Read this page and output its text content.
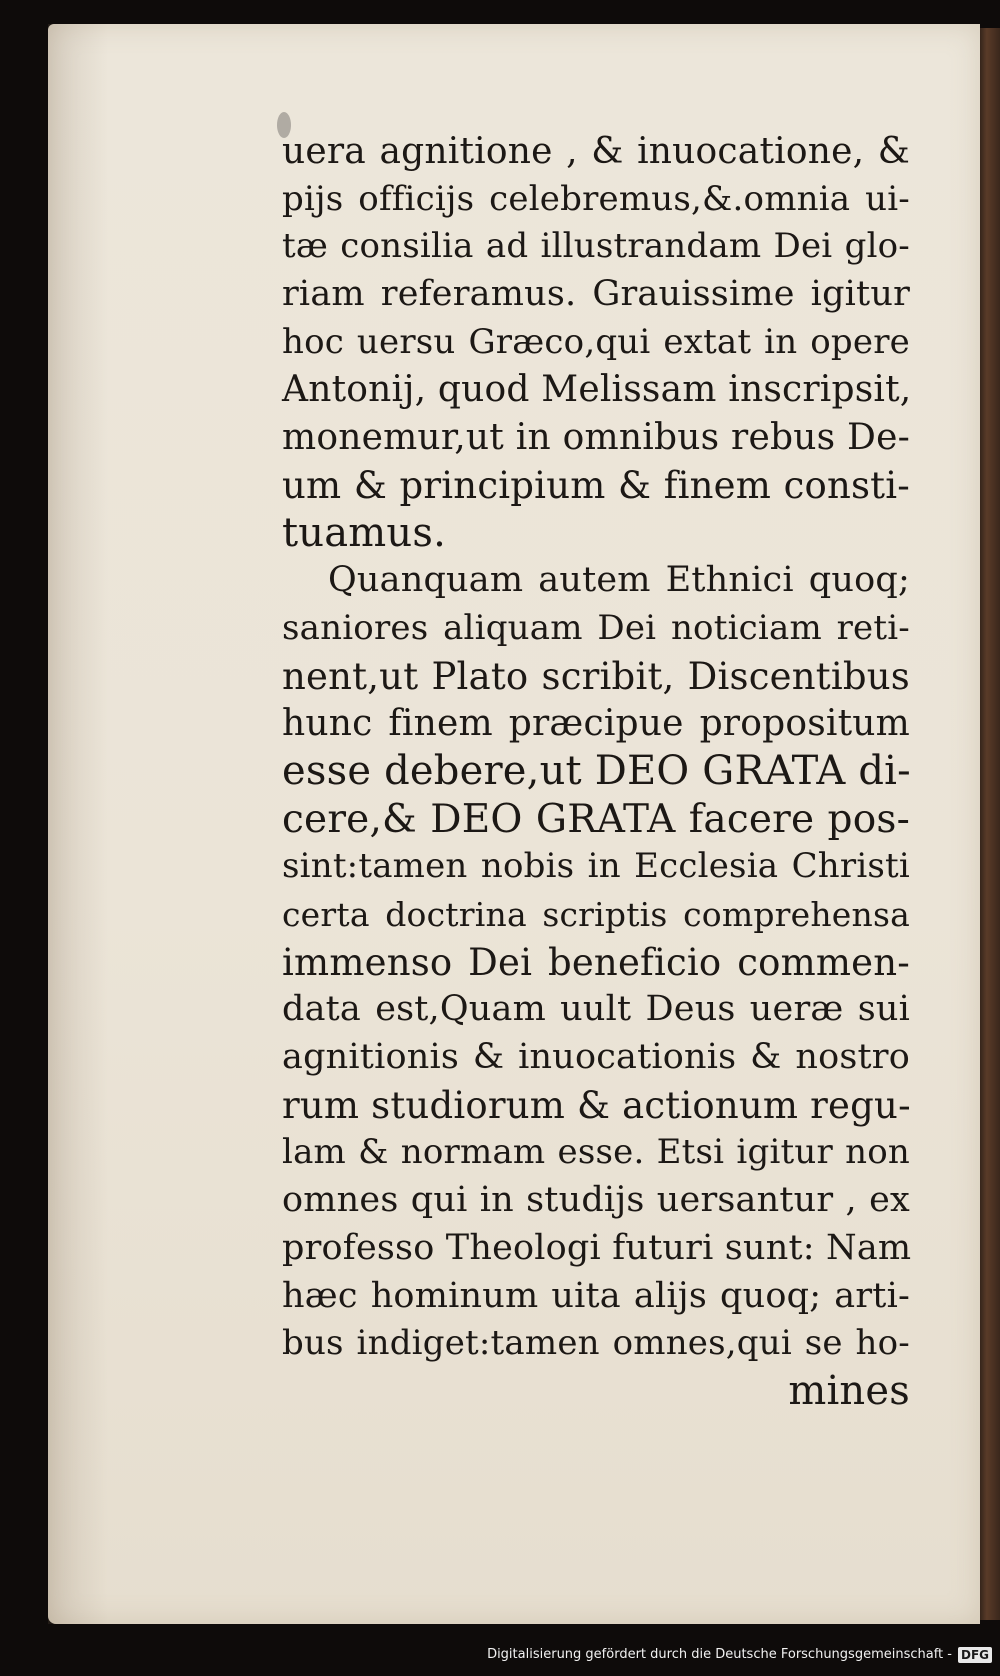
uera agnitione , & inuocatione, &
pijs officijs celebremus,&.omnia ui-
tæ consilia ad illustrandam Dei glo-
riam referamus. Grauissime igitur
hoc uersu Græco,qui extat in opere
Antonij, quod Melissam inscripsit,
monemur,ut in omnibus rebus De-
um & principium & finem consti-
tuamus.
Quanquam autem Ethnici quoq;
saniores aliquam Dei noticiam reti-
nent,ut Plato scribit, Discentibus
hunc finem præcipue propositum
esse debere,ut DEO GRATA di-
cere,& DEO GRATA facere pos-
sint:tamen nobis in Ecclesia Christi
certa doctrina scriptis comprehensa
immenso Dei beneficio commen-
data est,Quam uult Deus ueræ sui
agnitionis & inuocationis & nostro
rum studiorum & actionum regu-
lam & normam esse. Etsi igitur non
omnes qui in studijs uersantur , ex
professo Theologi futuri sunt: Nam
hæc hominum uita alijs quoq; arti-
bus indiget:tamen omnes,qui se ho-
mines
Digitalisierung gefördert durch die Deutsche Forschungsgemeinschaft - DFG
